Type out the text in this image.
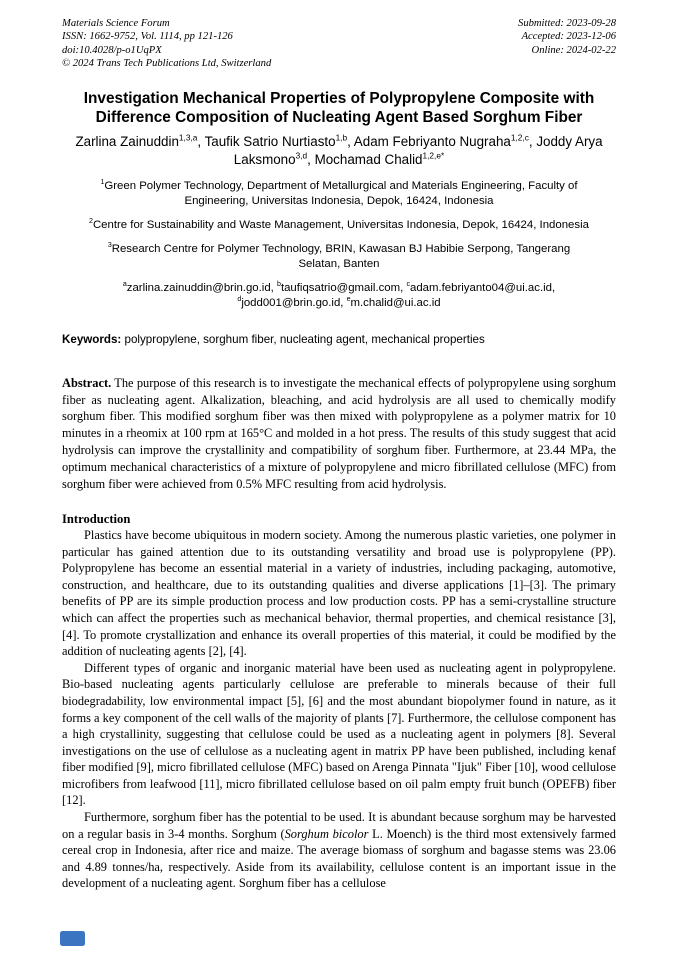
Materials Science Forum
ISSN: 1662-9752, Vol. 1114, pp 121-126
doi:10.4028/p-o1UqPX
© 2024 Trans Tech Publications Ltd, Switzerland
Submitted: 2023-09-28
Accepted: 2023-12-06
Online: 2024-02-22
Investigation Mechanical Properties of Polypropylene Composite with Difference Composition of Nucleating Agent Based Sorghum Fiber

Zarlina Zainuddin$^{1,3,a}$, Taufik Satrio Nurtiasto$^{1,b}$, Adam Febriyanto Nugraha$^{1,2,c}$, Joddy Arya Laksmono$^{3,d}$, Mochamad Chalid$^{1,2,e*}$

$^1$Green Polymer Technology, Department of Metallurgical and Materials Engineering, Faculty of Engineering, Universitas Indonesia, Depok, 16424, Indonesia

$^2$Centre for Sustainability and Waste Management, Universitas Indonesia, Depok, 16424, Indonesia

$^3$Research Centre for Polymer Technology, BRIN, Kawasan BJ Habibie Serpong, Tangerang Selatan, Banten

$^a$zarlina.zainuddin@brin.go.id, $^b$taufiqsatrio@gmail.com, $^c$adam.febriyanto04@ui.ac.id, $^d$jodd001@brin.go.id, $^e$m.chalid@ui.ac.id

Keywords: polypropylene, sorghum fiber, nucleating agent, mechanical properties

Abstract. The purpose of this research is to investigate the mechanical effects of polypropylene using sorghum fiber as nucleating agent. Alkalization, bleaching, and acid hydrolysis are all used to chemically modify sorghum fiber. This modified sorghum fiber was then mixed with polypropylene as a polymer matrix for 10 minutes in a rheomix at 100 rpm at 165°C and molded in a hot press. The results of this study suggest that acid hydrolysis can improve the crystallinity and compatibility of sorghum fiber. Furthermore, at 23.44 MPa, the optimum mechanical characteristics of a mixture of polypropylene and micro fibrillated cellulose (MFC) from sorghum fiber were achieved from 0.5% MFC resulting from acid hydrolysis.

Introduction

Plastics have become ubiquitous in modern society. Among the numerous plastic varieties, one polymer in particular has gained attention due to its outstanding versatility and broad use is polypropylene (PP). Polypropylene has become an essential material in a variety of industries, including packaging, automotive, construction, and healthcare, due to its outstanding qualities and diverse applications [1]–[3]. The primary benefits of PP are its simple production process and low production costs. PP has a semi-crystalline structure which can affect the properties such as mechanical behavior, thermal properties, and chemical resistance [3], [4]. To promote crystallization and enhance its overall properties of this material, it could be modified by the addition of nucleating agents [2], [4].

Different types of organic and inorganic material have been used as nucleating agent in polypropylene. Bio-based nucleating agents particularly cellulose are preferable to minerals because of their full biodegradability, low environmental impact [5], [6] and the most abundant biopolymer found in nature, as it forms a key component of the cell walls of the majority of plants [7]. Furthermore, the cellulose component has a high crystallinity, suggesting that cellulose could be used as a nucleating agent in polymers [8]. Several investigations on the use of cellulose as a nucleating agent in matrix PP have been published, including kenaf fiber modified [9], micro fibrillated cellulose (MFC) based on Arenga Pinnata "Ijuk" Fiber [10], wood cellulose microfibers from leafwood [11], micro fibrillated cellulose based on oil palm empty fruit bunch (OPEFB) fiber [12].

Furthermore, sorghum fiber has the potential to be used. It is abundant because sorghum may be harvested on a regular basis in 3-4 months. Sorghum (Sorghum bicolor L. Moench) is the third most extensively farmed cereal crop in Indonesia, after rice and maize. The average biomass of sorghum and bagasse stems was 23.06 and 4.89 tonnes/ha, respectively. Aside from its availability, cellulose content is an important issue in the development of a nucleating agent. Sorghum fiber has a cellulose
